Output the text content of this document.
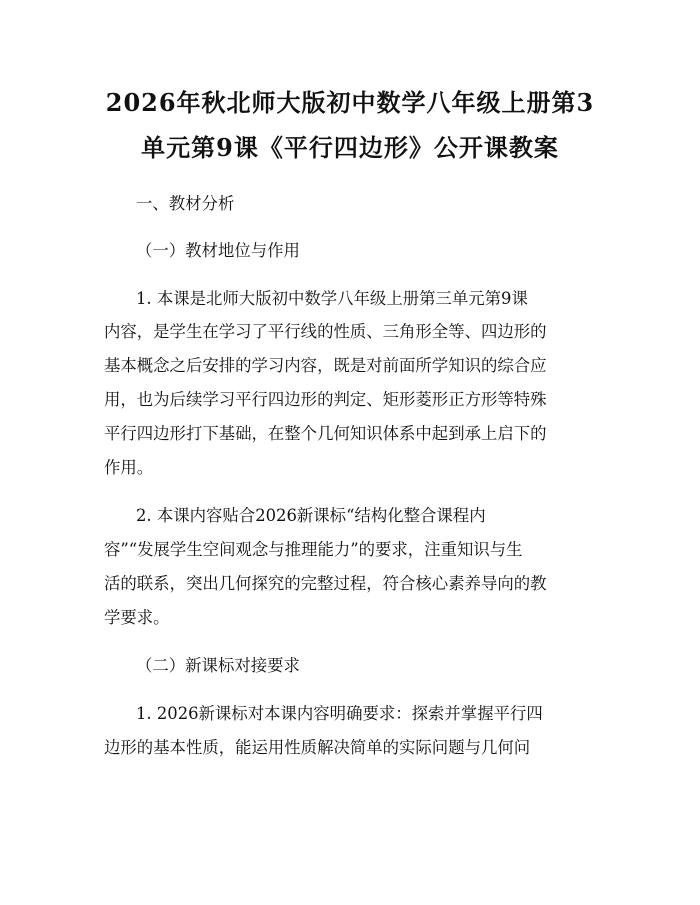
2026年秋北师大版初中数学八年级上册第3
单元第9课《平行四边形》公开课教案
一、教材分析
（一）教材地位与作用
1. 本课是北师大版初中数学八年级上册第三单元第9课
内容，是学生在学习了平行线的性质、三角形全等、四边形的
基本概念之后安排的学习内容，既是对前面所学知识的综合应
用，也为后续学习平行四边形的判定、矩形菱形正方形等特殊
平行四边形打下基础，在整个几何知识体系中起到承上启下的
作用。
2. 本课内容贴合2026新课标“结构化整合课程内
容”“发展学生空间观念与推理能力”的要求，注重知识与生
活的联系，突出几何探究的完整过程，符合核心素养导向的教
学要求。
（二）新课标对接要求
1. 2026新课标对本课内容明确要求：探索并掌握平行四
边形的基本性质，能运用性质解决简单的实际问题与几何问
